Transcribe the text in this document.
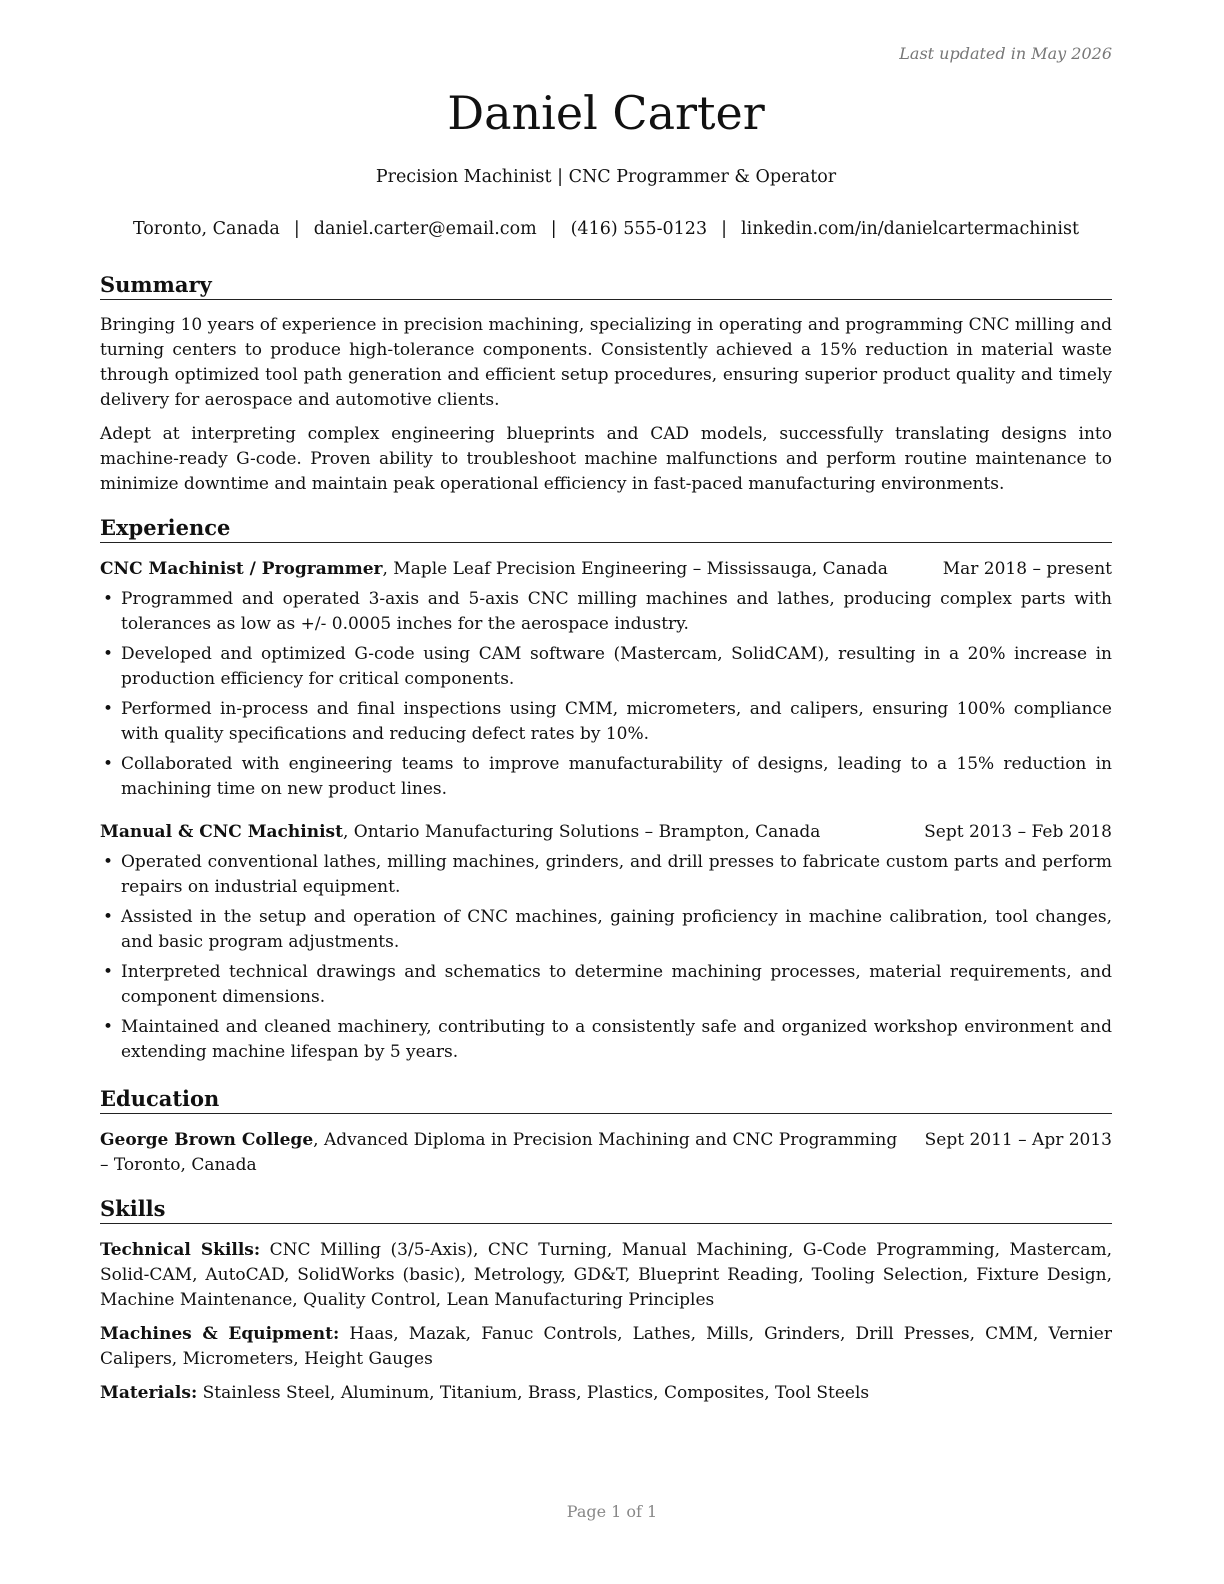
Last updated in May 2026
Daniel Carter
Precision Machinist | CNC Programmer & Operator
Toronto, Canada | daniel.carter@email.com | (416) 555-0123 | linkedin.com/in/danielcartermachinist
Summary

Bringing 10 years of experience in precision machining, specializing in operating and programming CNC milling and turning centers to produce high-tolerance components. Consistently achieved a 15% reduction in material waste through optimized tool path generation and efficient setup procedures, ensuring superior product quality and timely delivery for aerospace and automotive clients.

Adept at interpreting complex engineering blueprints and CAD models, successfully translating designs into machine-ready G-code. Proven ability to troubleshoot machine malfunctions and perform routine maintenance to minimize downtime and maintain peak operational efficiency in fast-paced manufacturing environments.

Experience
CNC Machinist / Programmer, Maple Leaf Precision Engineering – Mississauga, Canada	Mar 2018 – present
• Programmed and operated 3-axis and 5-axis CNC milling machines and lathes, producing complex parts with tolerances as low as +/- 0.0005 inches for the aerospace industry.
• Developed and optimized G-code using CAM software (Mastercam, SolidCAM), resulting in a 20% increase in production efficiency for critical components.
• Performed in-process and final inspections using CMM, micrometers, and calipers, ensuring 100% compliance with quality specifications and reducing defect rates by 10%.
• Collaborated with engineering teams to improve manufacturability of designs, leading to a 15% reduction in machining time on new product lines.
Manual & CNC Machinist, Ontario Manufacturing Solutions – Brampton, Canada	Sept 2013 – Feb 2018
• Operated conventional lathes, milling machines, grinders, and drill presses to fabricate custom parts and perform repairs on industrial equipment.
• Assisted in the setup and operation of CNC machines, gaining proficiency in machine calibration, tool changes, and basic program adjustments.
• Interpreted technical drawings and schematics to determine machining processes, material requirements, and component dimensions.
• Maintained and cleaned machinery, contributing to a consistently safe and organized workshop environment and extending machine lifespan by 5 years.
Education
George Brown College, Advanced Diploma in Precision Machining and CNC Programming Sept 2011 – Apr 2013
– Toronto, Canada
Skills

Technical Skills: CNC Milling (3/5-Axis), CNC Turning, Manual Machining, G-Code Programming, Mastercam, Solid-CAM, AutoCAD, SolidWorks (basic), Metrology, GD&T, Blueprint Reading, Tooling Selection, Fixture Design, Machine Maintenance, Quality Control, Lean Manufacturing Principles

Machines & Equipment: Haas, Mazak, Fanuc Controls, Lathes, Mills, Grinders, Drill Presses, CMM, Vernier Calipers, Micrometers, Height Gauges

Materials: Stainless Steel, Aluminum, Titanium, Brass, Plastics, Composites, Tool Steels

Page 1 of 1
